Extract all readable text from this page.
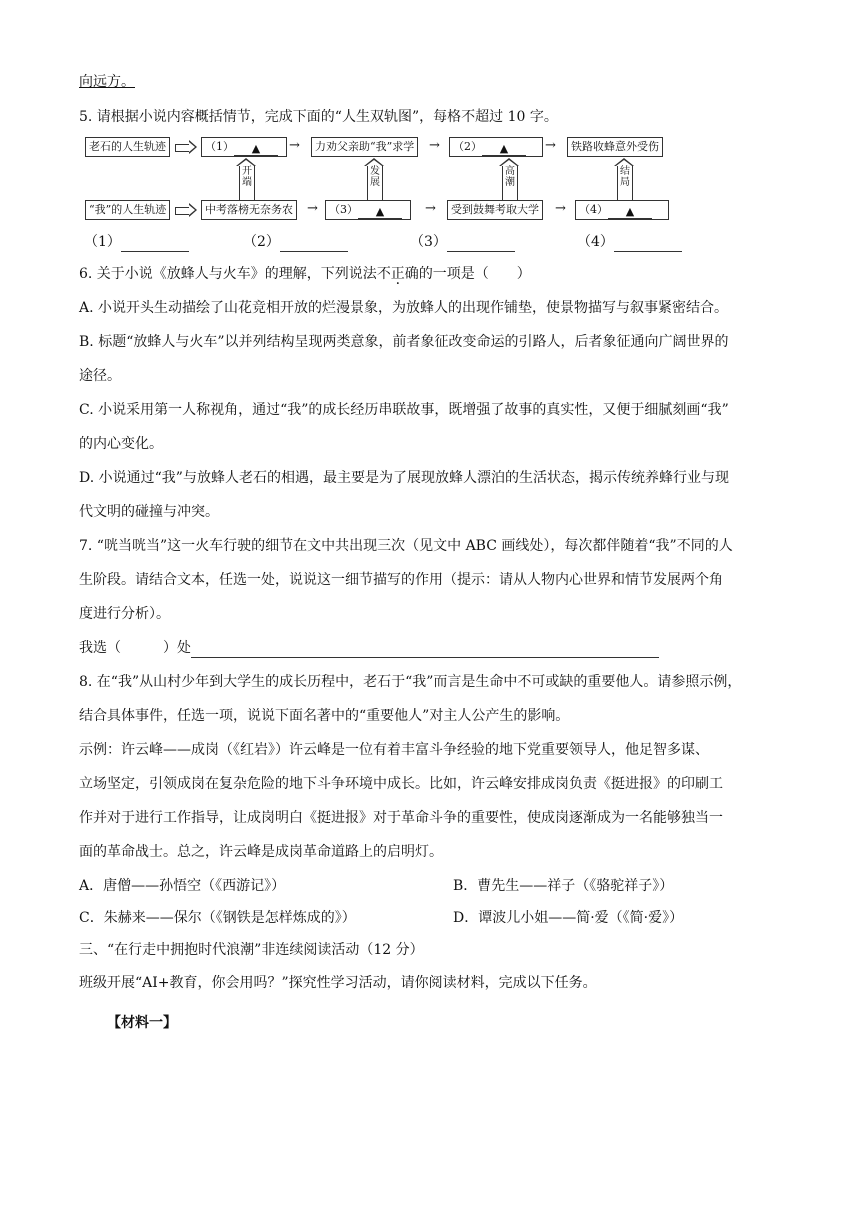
向远方。
5. 请根据小说内容概括情节，完成下面的“人生双轨图”，每格不超过 10 字。
老石的人生轨迹	（1） ▲	→	力劝父亲助“我”求学	→	（2） ▲	→	铁路收蜂意外受伤
开端
发展
高潮
结局
“我”的人生轨迹	中考落榜无奈务农	→	（3） ▲	→	受到鼓舞考取大学	→	（4） ▲
（1）	（2）	（3）	（4）
6. 关于小说《放蜂人与火车》的理解，下列说法不正确的一项是（　　）
A. 小说开头生动描绘了山花竞相开放的烂漫景象，为放蜂人的出现作铺垫，使景物描写与叙事紧密结合。
B. 标题“放蜂人与火车”以并列结构呈现两类意象，前者象征改变命运的引路人，后者象征通向广阔世界的
途径。
C. 小说采用第一人称视角，通过“我”的成长经历串联故事，既增强了故事的真实性，又便于细腻刻画“我”
的内心变化。
D. 小说通过“我”与放蜂人老石的相遇，最主要是为了展现放蜂人漂泊的生活状态，揭示传统养蜂行业与现
代文明的碰撞与冲突。
7. “咣当咣当”这一火车行驶的细节在文中共出现三次（见文中 ABC 画线处），每次都伴随着“我”不同的人
生阶段。请结合文本，任选一处，说说这一细节描写的作用（提示：请从人物内心世界和情节发展两个角
度进行分析）。
我选（　　　）处
8. 在“我”从山村少年到大学生的成长历程中，老石于“我”而言是生命中不可或缺的重要他人。请参照示例，
结合具体事件，任选一项，说说下面名著中的“重要他人”对主人公产生的影响。
示例：许云峰——成岗（《红岩》）许云峰是一位有着丰富斗争经验的地下党重要领导人，他足智多谋、
立场坚定，引领成岗在复杂危险的地下斗争环境中成长。比如，许云峰安排成岗负责《挺进报》的印刷工
作并对于进行工作指导，让成岗明白《挺进报》对于革命斗争的重要性，使成岗逐渐成为一名能够独当一
面的革命战士。总之，许云峰是成岗革命道路上的启明灯。
A．唐僧——孙悟空（《西游记》）	B．曹先生——祥子（《骆驼祥子》）
C．朱赫来——保尔（《钢铁是怎样炼成的》）	D．谭波儿小姐——简·爱（《简·爱》）
三、“在行走中拥抱时代浪潮”非连续阅读活动（12 分）
班级开展“AI+教育，你会用吗？”探究性学习活动，请你阅读材料，完成以下任务。
【材料一】
